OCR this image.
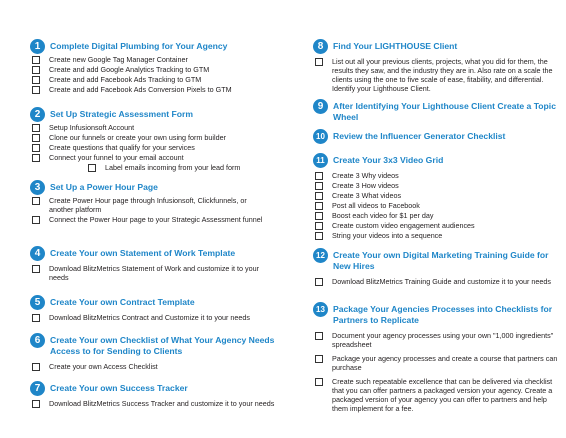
1	Complete Digital Plumbing for Your Agency
Create new Google Tag Manager Container
Create and add Google Analytics Tracking to GTM
Create and add Facebook Ads Tracking to GTM
Create and add Facebook Ads Conversion Pixels to GTM
2	Set Up Strategic Assessment Form
Setup Infusionsoft Account
Clone our funnels or create your own using form builder
Create questions that qualify for your services
Connect your funnel to your email account
Label emails incoming from your lead form
3	Set Up a Power Hour Page
Create Power Hour page through Infusionsoft, Clickfunnels, or another platform
Connect the Power Hour page to your Strategic Assessment funnel
4	Create Your own Statement of Work Template
Download BlitzMetrics Statement of Work and customize it to your needs
5	Create Your own Contract Template
Download BlitzMetrics Contract and Customize it to your needs
6	Create Your own Checklist of What Your Agency Needs Access to for Sending to Clients
Create your own Access Checklist
7	Create Your own Success Tracker
Download BlitzMetrics Success Tracker and customize it to your needs
8	Find Your LIGHTHOUSE Client
List out all your previous clients, projects, what you did for them, the results they saw, and the industry they are in. Also rate on a scale the clients using the one to five scale of ease, fitability, and differential. Identify your Lighthouse Client.
9	After Identifying Your Lighthouse Client Create a Topic Wheel
10 Review the Influencer Generator Checklist
11 Create Your 3x3 Video Grid
Create 3 Why videos
Create 3 How videos
Create 3 What videos
Post all videos to Facebook
Boost each video for $1 per day
Create custom video engagement audiences
String your videos into a sequence
12 Create Your own Digital Marketing Training Guide for New Hires
Download BlitzMetrics Training Guide and customize it to your needs
13 Package Your Agencies Processes into Checklists for Partners to Replicate
Document your agency processes using your own "1,000 ingredients" spreadsheet
Package your agency processes and create a course that partners can purchase
Create such repeatable excellence that can be delivered via checklist that you can offer partners a packaged version your agency. Create a packaged version of your agency you can offer to partners and help them implement for a fee.
